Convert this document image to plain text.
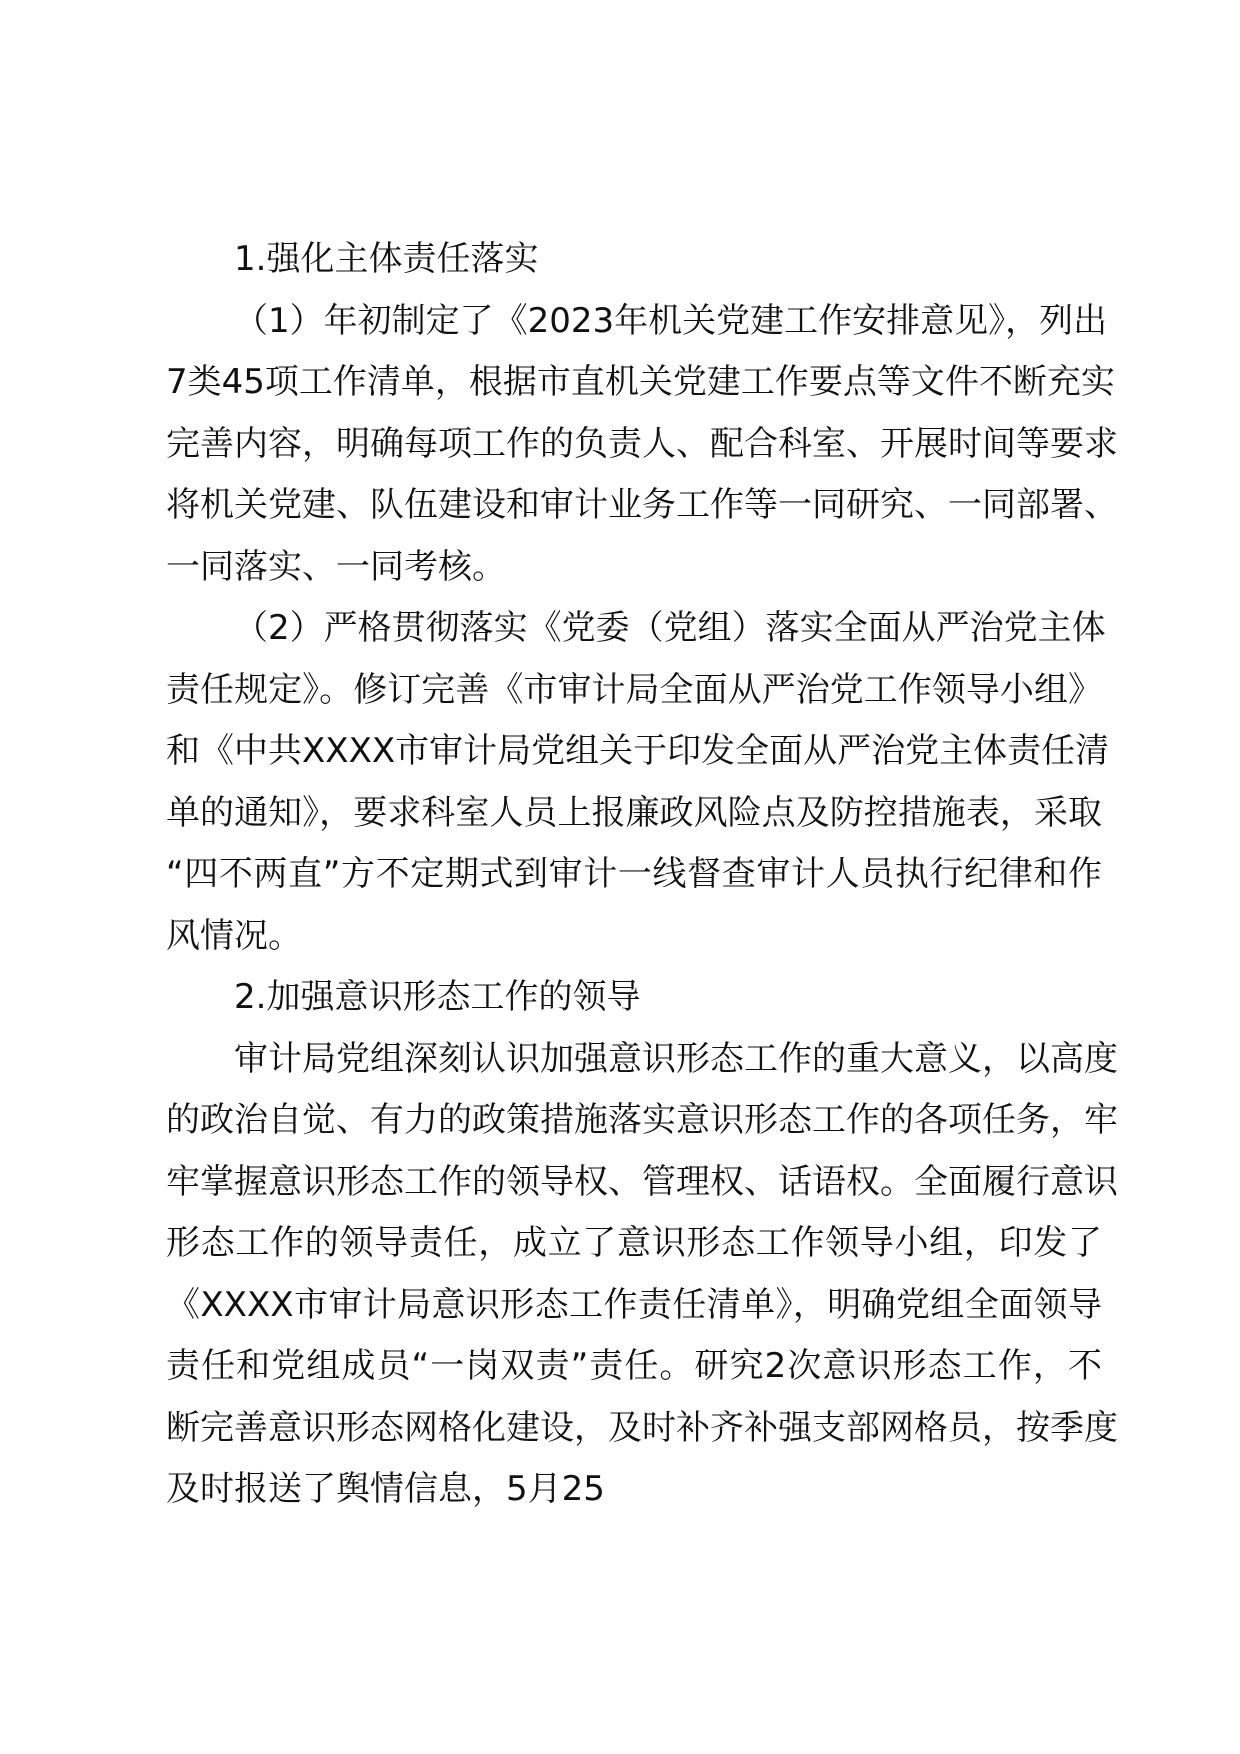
1.强化主体责任落实
（1）年初制定了《2023年机关党建工作安排意见》，列出
7类45项工作清单，根据市直机关党建工作要点等文件不断充实
完善内容，明确每项工作的负责人、配合科室、开展时间等要求
将机关党建、队伍建设和审计业务工作等一同研究、一同部署、
一同落实、一同考核。
（2）严格贯彻落实《党委（党组）落实全面从严治党主体
责任规定》。修订完善《市审计局全面从严治党工作领导小组》
和《中共XXXX市审计局党组关于印发全面从严治党主体责任清
单的通知》，要求科室人员上报廉政风险点及防控措施表，采取
“四不两直”方不定期式到审计一线督查审计人员执行纪律和作
风情况。
2.加强意识形态工作的领导
审计局党组深刻认识加强意识形态工作的重大意义，以高度
的政治自觉、有力的政策措施落实意识形态工作的各项任务，牢
牢掌握意识形态工作的领导权、管理权、话语权。全面履行意识
形态工作的领导责任，成立了意识形态工作领导小组，印发了
《XXXX市审计局意识形态工作责任清单》，明确党组全面领导
责任和党组成员“一岗双责”责任。研究2次意识形态工作，不
断完善意识形态网格化建设，及时补齐补强支部网格员，按季度
及时报送了舆情信息，5月25
